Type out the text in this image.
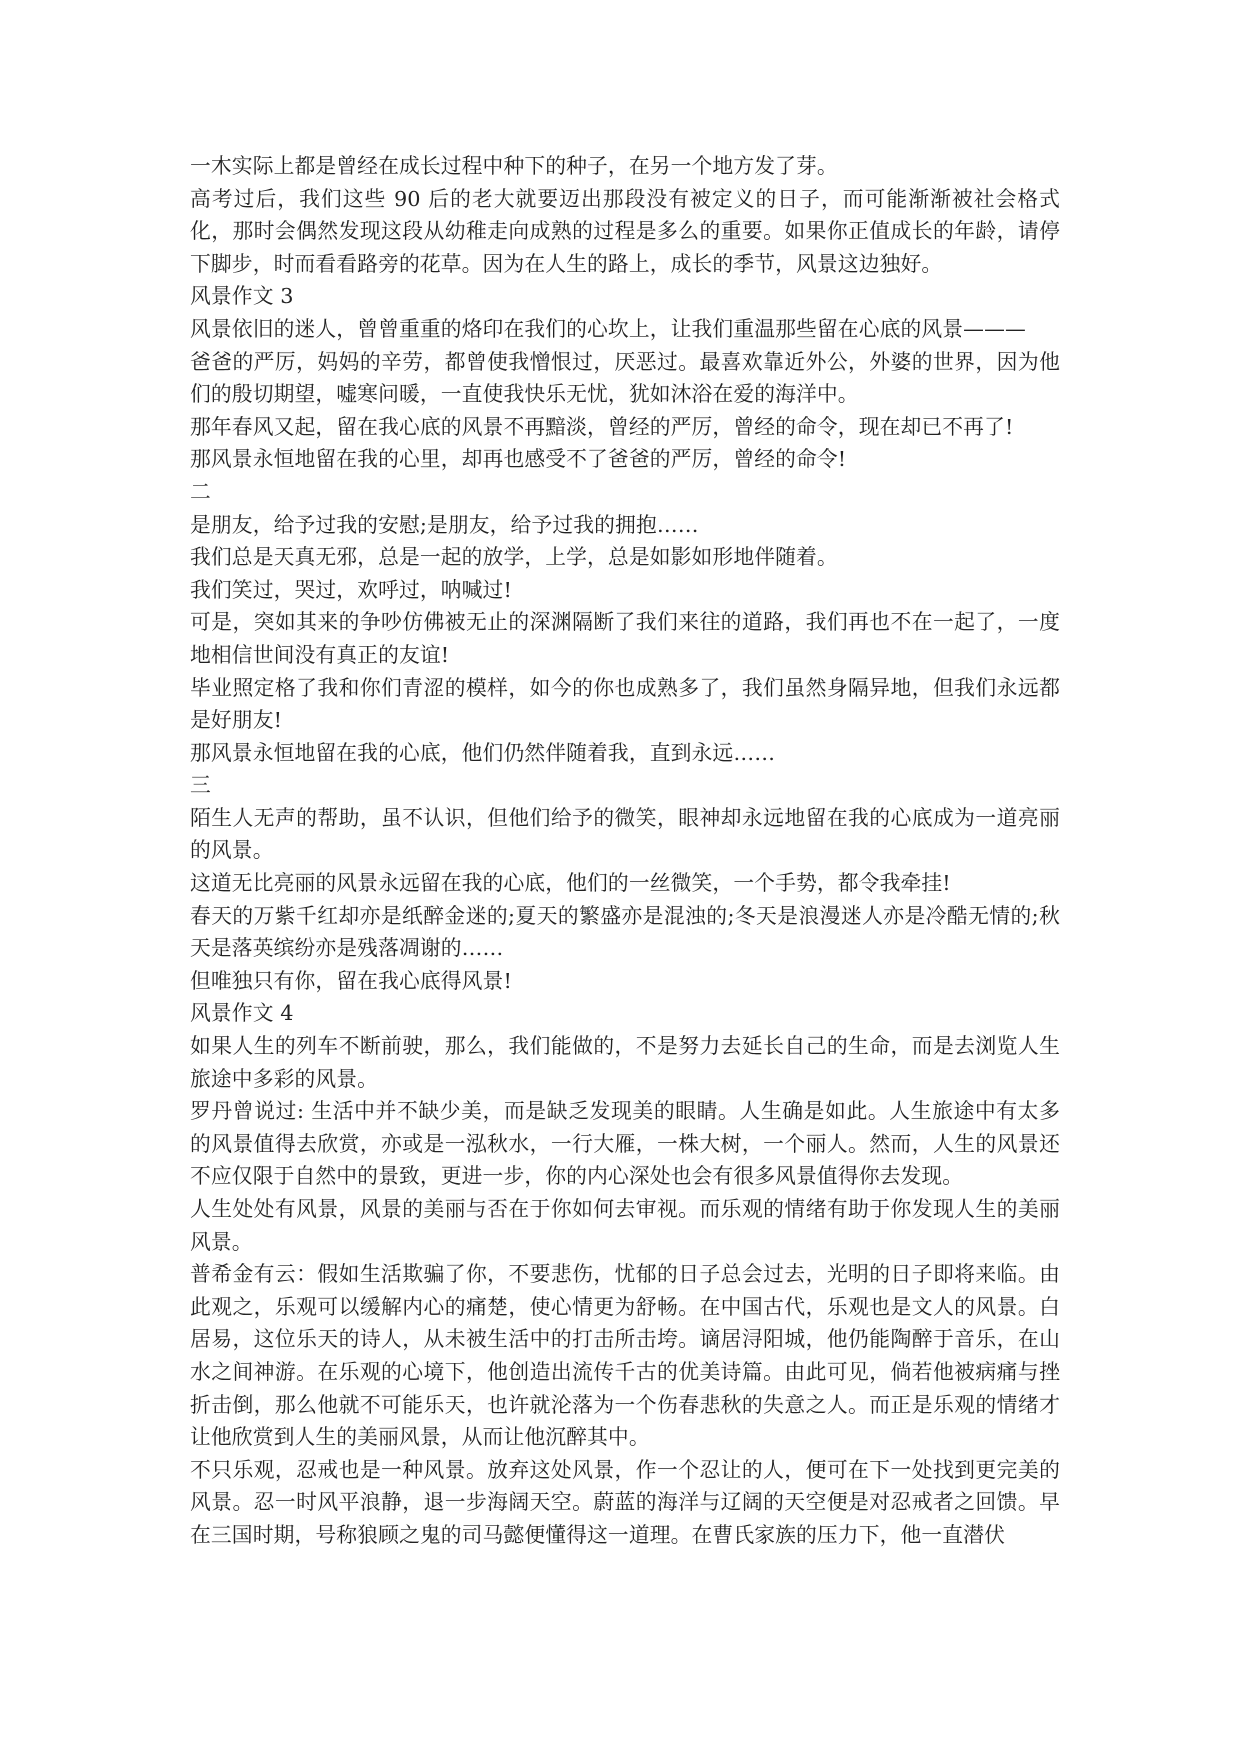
一木实际上都是曾经在成长过程中种下的种子，在另一个地方发了芽。

高考过后，我们这些 90 后的老大就要迈出那段没有被定义的日子，而可能渐渐被社会格式化，那时会偶然发现这段从幼稚走向成熟的过程是多么的重要。如果你正值成长的年龄，请停下脚步，时而看看路旁的花草。因为在人生的路上，成长的季节，风景这边独好。

风景作文 3

风景依旧的迷人，曾曾重重的烙印在我们的心坎上，让我们重温那些留在心底的风景———

爸爸的严厉，妈妈的辛劳，都曾使我憎恨过，厌恶过。最喜欢靠近外公，外婆的世界，因为他们的殷切期望，嘘寒问暖，一直使我快乐无忧，犹如沐浴在爱的海洋中。

那年春风又起，留在我心底的风景不再黯淡，曾经的严厉，曾经的命令，现在却已不再了!

那风景永恒地留在我的心里，却再也感受不了爸爸的严厉，曾经的命令!

二

是朋友，给予过我的安慰;是朋友，给予过我的拥抱……

我们总是天真无邪，总是一起的放学，上学，总是如影如形地伴随着。

我们笑过，哭过，欢呼过，呐喊过!

可是，突如其来的争吵仿佛被无止的深渊隔断了我们来往的道路，我们再也不在一起了，一度地相信世间没有真正的友谊!

毕业照定格了我和你们青涩的模样，如今的你也成熟多了，我们虽然身隔异地，但我们永远都是好朋友!

那风景永恒地留在我的心底，他们仍然伴随着我，直到永远……

三

陌生人无声的帮助，虽不认识，但他们给予的微笑，眼神却永远地留在我的心底成为一道亮丽的风景。

这道无比亮丽的风景永远留在我的心底，他们的一丝微笑，一个手势，都令我牵挂!

春天的万紫千红却亦是纸醉金迷的;夏天的繁盛亦是混浊的;冬天是浪漫迷人亦是冷酷无情的;秋天是落英缤纷亦是残落凋谢的……

但唯独只有你，留在我心底得风景!

风景作文 4

如果人生的列车不断前驶，那么，我们能做的，不是努力去延长自己的生命，而是去浏览人生旅途中多彩的风景。

罗丹曾说过: 生活中并不缺少美，而是缺乏发现美的眼睛。人生确是如此。人生旅途中有太多的风景值得去欣赏，亦或是一泓秋水，一行大雁，一株大树，一个丽人。然而，人生的风景还不应仅限于自然中的景致，更进一步，你的内心深处也会有很多风景值得你去发现。

人生处处有风景，风景的美丽与否在于你如何去审视。而乐观的情绪有助于你发现人生的美丽风景。

普希金有云：假如生活欺骗了你，不要悲伤，忧郁的日子总会过去，光明的日子即将来临。由此观之，乐观可以缓解内心的痛楚，使心情更为舒畅。在中国古代，乐观也是文人的风景。白居易，这位乐天的诗人，从未被生活中的打击所击垮。谪居浔阳城，他仍能陶醉于音乐，在山水之间神游。在乐观的心境下，他创造出流传千古的优美诗篇。由此可见，倘若他被病痛与挫折击倒，那么他就不可能乐天，也许就沦落为一个伤春悲秋的失意之人。而正是乐观的情绪才让他欣赏到人生的美丽风景，从而让他沉醉其中。

不只乐观，忍戒也是一种风景。放弃这处风景，作一个忍让的人，便可在下一处找到更完美的风景。忍一时风平浪静，退一步海阔天空。蔚蓝的海洋与辽阔的天空便是对忍戒者之回馈。早在三国时期，号称狼顾之鬼的司马懿便懂得这一道理。在曹氏家族的压力下，他一直潜伏
